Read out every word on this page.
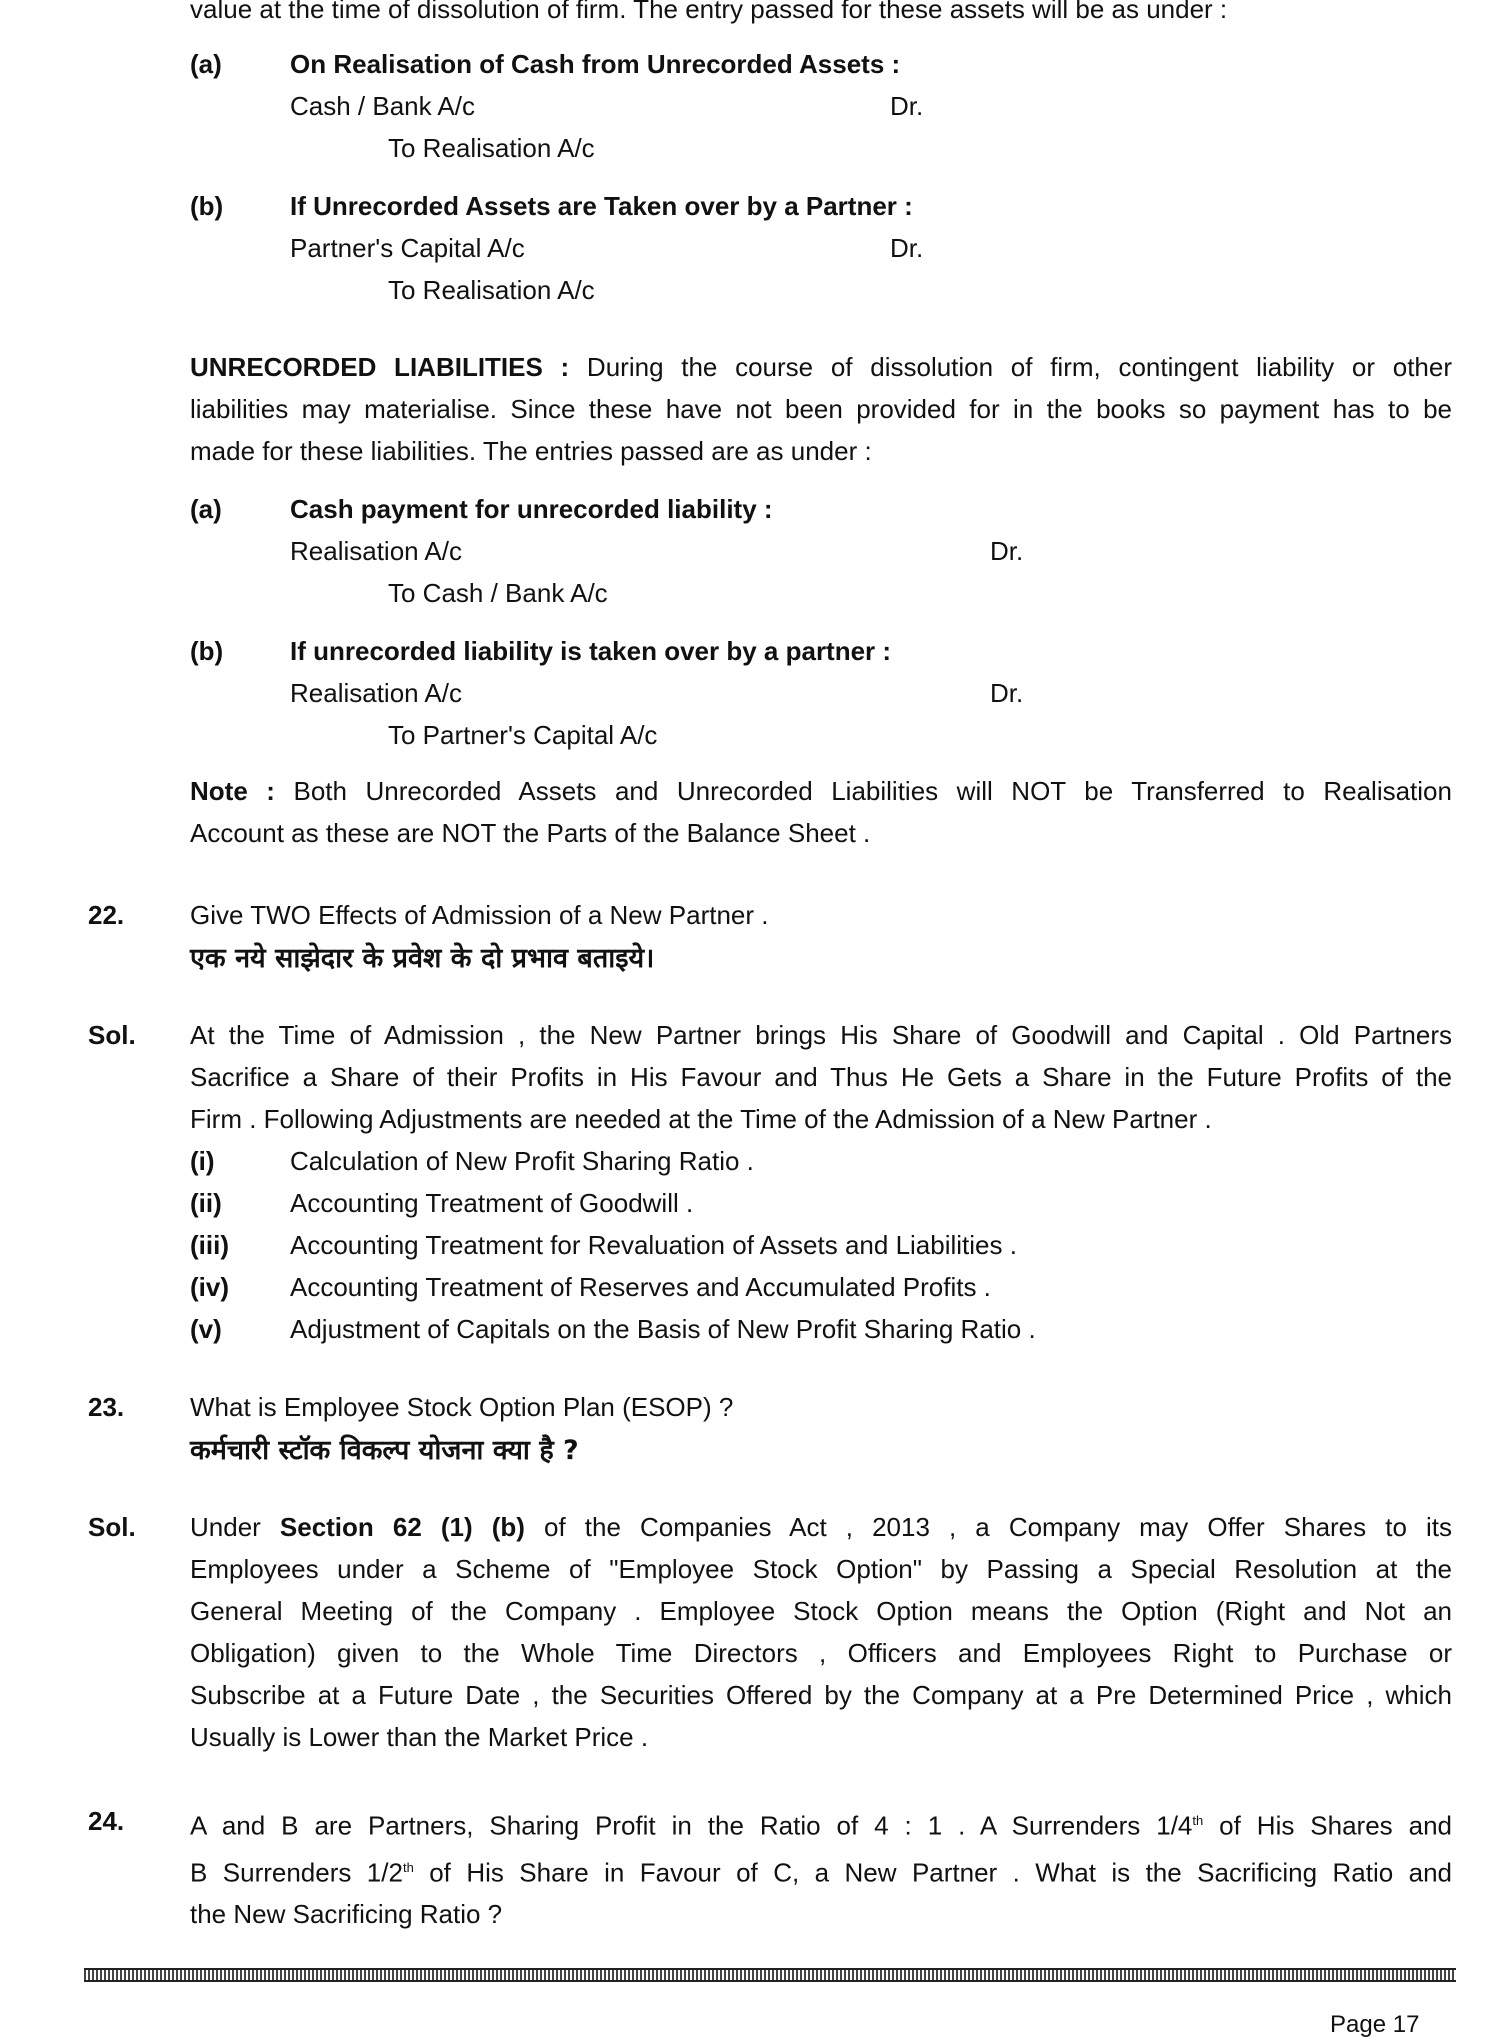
value at the time of dissolution of firm. The entry passed for these assets will be as under :
(a)	On Realisation of Cash from Unrecorded Assets :
Cash / Bank A/c	Dr.
To Realisation A/c
(b)	If Unrecorded Assets are Taken over by a Partner :
Partner's Capital A/c	Dr.
To Realisation A/c
UNRECORDED LIABILITIES : During the course of dissolution of firm, contingent liability or other
liabilities may materialise. Since these have not been provided for in the books so payment has to be
made for these liabilities. The entries passed are as under :
(a)	Cash payment for unrecorded liability :
Realisation A/c	Dr.
To Cash / Bank A/c
(b)	If unrecorded liability is taken over by a partner :
Realisation A/c	Dr.
To Partner's Capital A/c
Note : Both Unrecorded Assets and Unrecorded Liabilities will NOT be Transferred to Realisation
Account as these are NOT the Parts of the Balance Sheet .
22.	Give TWO Effects of Admission of a New Partner .
एक नये साझेदार के प्रवेश के दो प्रभाव बताइये।
Sol. At the Time of Admission , the New Partner brings His Share of Goodwill and Capital . Old Partners
Sacrifice a Share of their Profits in His Favour and Thus He Gets a Share in the Future Profits of the
Firm . Following Adjustments are needed at the Time of the Admission of a New Partner .
(i)	Calculation of New Profit Sharing Ratio .
(ii)	Accounting Treatment of Goodwill .
(iii) Accounting Treatment for Revaluation of Assets and Liabilities .
(iv) Accounting Treatment of Reserves and Accumulated Profits .
(v)	Adjustment of Capitals on the Basis of New Profit Sharing Ratio .
23.	What is Employee Stock Option Plan (ESOP) ?
कर्मचारी स्टॉक विकल्प योजना क्या है ?
Sol. Under Section 62 (1) (b) of the Companies Act , 2013 , a Company may Offer Shares to its
Employees under a Scheme of "Employee Stock Option" by Passing a Special Resolution at the
General Meeting of the Company . Employee Stock Option means the Option (Right and Not an
Obligation) given to the Whole Time Directors , Officers and Employees Right to Purchase or
Subscribe at a Future Date , the Securities Offered by the Company at a Pre Determined Price , which
Usually is Lower than the Market Price .
24.	A and B are Partners, Sharing Profit in the Ratio of 4 : 1 . A Surrenders 1/4th of His Shares and
B Surrenders 1/2th of His Share in Favour of C, a New Partner . What is the Sacrificing Ratio and
the New Sacrificing Ratio ?
Page 17
